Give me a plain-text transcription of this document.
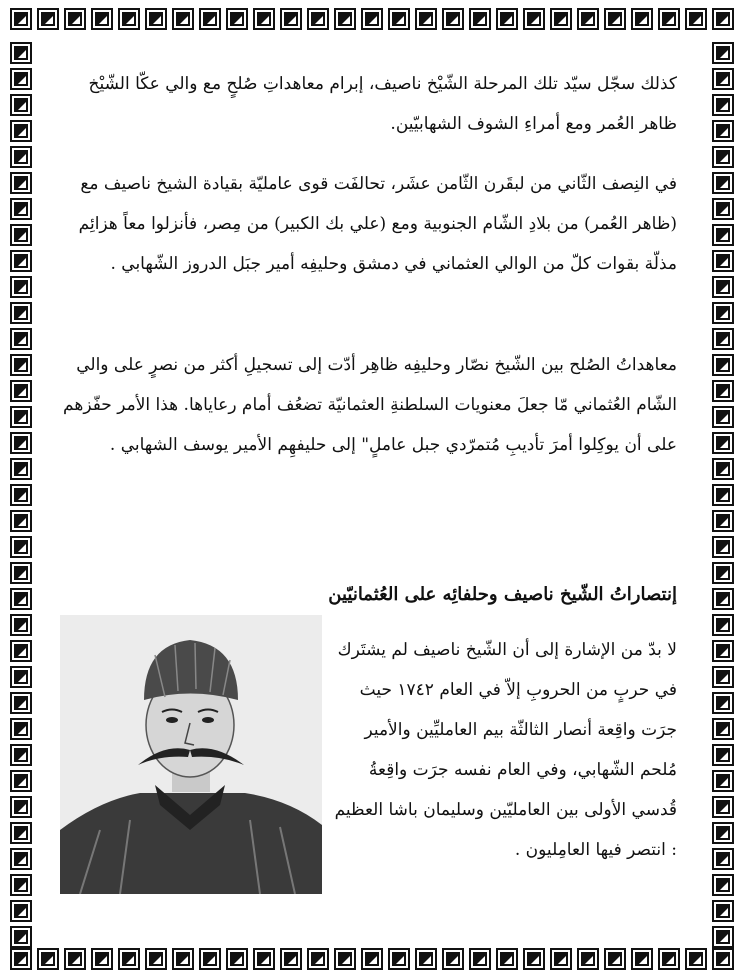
كذلك سجّل سيّد تلك المرحلة الشّيْخ ناصيف، إبرام معاهداتِ صُلحٍ مع والي عكّا الشّيْخ ظاهر العُمر ومع أمراءِ الشوف الشهابيّين.

في النِصف الثّاني من لبقَرن الثّامن عشَر، تحالفَت قوى عامليّة بقيادة الشيخ ناصيف مع (ظاهر العُمر) من بلادِ الشّام الجنوبية ومع (علي بك الكبير) من مِصر، فأنزلوا معاً هزائِم مذلّة بقوات كلّ من الوالي العثماني في دمشق وحليفِه أمير جبَل الدروز الشّهابي .

معاهداتُ الصُلح بين الشّيخ نصّار وحليفِه ظاهِر أدّت إلى تسجيلِ أكثر من نصرٍ على والي الشّام العُثماني مّا جعلَ معنويات السلطنةِ العثمانيّة تضعُف أمام رعاياها. هذا الأمر حفّزهم على أن يوكِلوا أمرَ تأديبِ مُتمرّدي جبل عاملٍ" إلى حليفهِم الأمير يوسف الشهابي .

إنتصاراتُ الشّيخ ناصيف وحلفائِه على العُثمانيّين

لا بدّ من الإشارة إلى أن الشّيخ ناصيف لم يشتَرك في حربٍ من الحروبِ إلاّ في العام ١٧٤٢ حيث جرَت واقِعة أنصار الثالثّة بيم العامليِّين والأمير مُلحم الشّهابي، وفي العام نفسه جرَت واقِعةُ قُدسي الأولى بين العامليّين وسليمان باشا العظيم : انتصر فيها العامِليون .
